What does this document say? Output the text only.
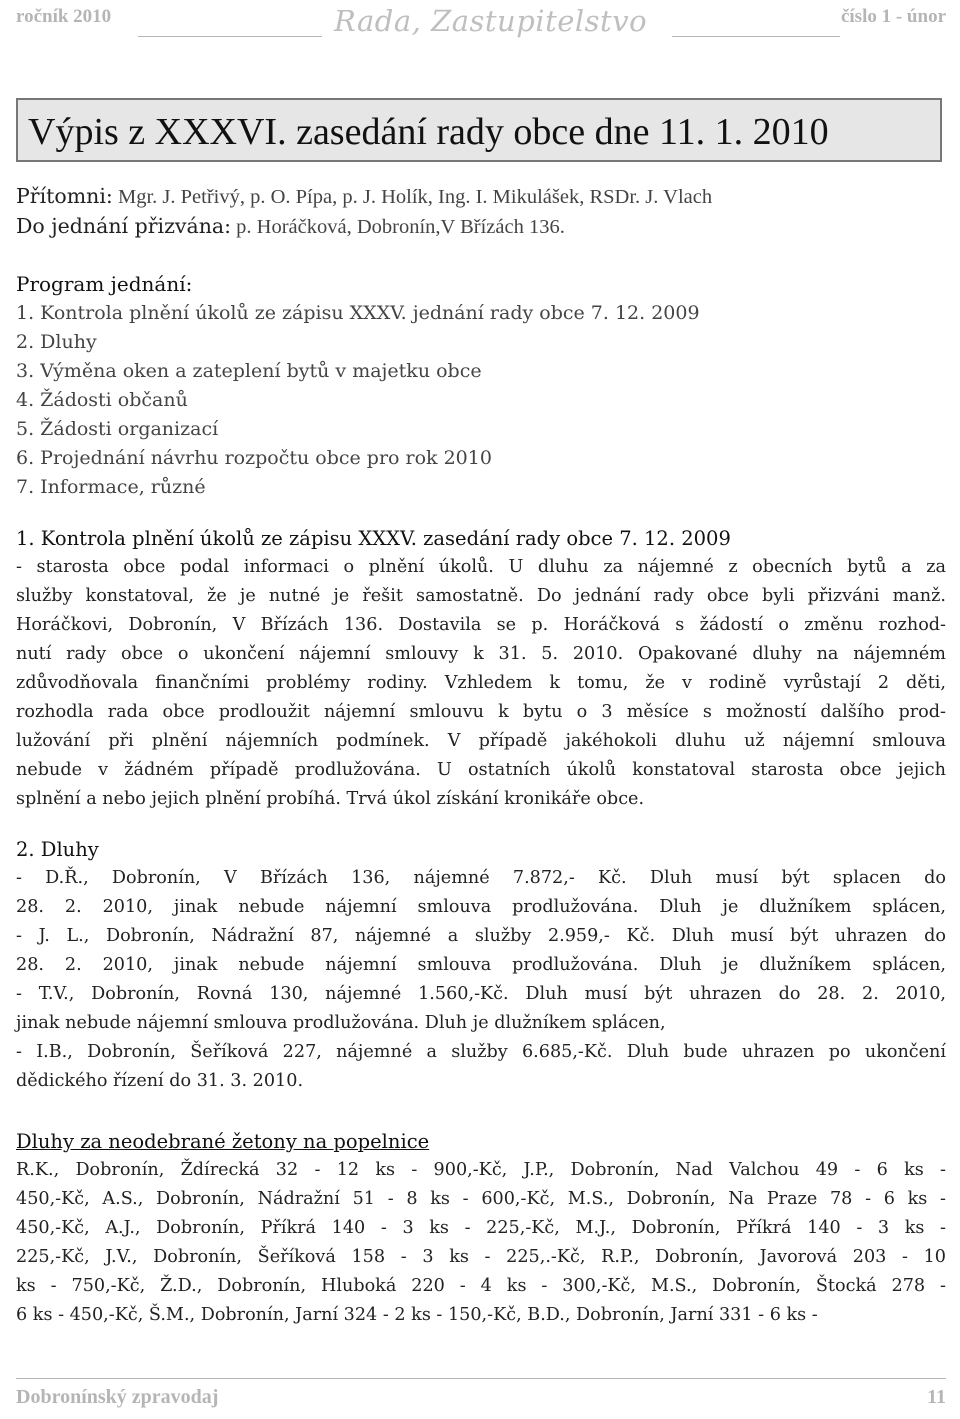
ročník 2010	Rada, Zastupitelstvo	číslo 1 - únor
Výpis z XXXVI. zasedání rady obce dne 11. 1. 2010
Přítomni: Mgr. J. Petřivý, p. O. Pípa, p. J. Holík, Ing. I. Mikulášek, RSDr. J. Vlach
Do jednání přizvána: p. Horáčková, Dobronín,V Břízách 136.
Program jednání:
1. Kontrola plnění úkolů ze zápisu XXXV. jednání rady obce 7. 12. 2009
2. Dluhy
3. Výměna oken a zateplení bytů v majetku obce
4. Žádosti občanů
5. Žádosti organizací
6. Projednání návrhu rozpočtu obce pro rok 2010
7. Informace, různé
1. Kontrola plnění úkolů ze zápisu XXXV. zasedání rady obce 7. 12. 2009

- starosta obce podal informaci o plnění úkolů. U dluhu za nájemné z obecních bytů a za

služby konstatoval, že je nutné je řešit samostatně. Do jednání rady obce byli přizváni manž.

Horáčkovi, Dobronín, V Břízách 136. Dostavila se p. Horáčková s žádostí o změnu rozhod-

nutí rady obce o ukončení nájemní smlouvy k 31. 5. 2010. Opakované dluhy na nájemném

zdůvodňovala finančními problémy rodiny. Vzhledem k tomu, že v rodině vyrůstají 2 děti,

rozhodla rada obce prodloužit nájemní smlouvu k bytu o 3 měsíce s možností dalšího prod-

lužování při plnění nájemních podmínek. V případě jakéhokoli dluhu už nájemní smlouva

nebude v žádném případě prodlužována. U ostatních úkolů konstatoval starosta obce jejich

splnění a nebo jejich plnění probíhá. Trvá úkol získání kronikáře obce.

2. Dluhy

- D.Ř., Dobronín, V Břízách 136, nájemné 7.872,- Kč. Dluh musí být splacen do

28. 2. 2010, jinak nebude nájemní smlouva prodlužována. Dluh je dlužníkem splácen,

- J. L., Dobronín, Nádražní 87, nájemné a služby 2.959,- Kč. Dluh musí být uhrazen do

28. 2. 2010, jinak nebude nájemní smlouva prodlužována. Dluh je dlužníkem splácen,

- T.V., Dobronín, Rovná 130, nájemné 1.560,-Kč. Dluh musí být uhrazen do 28. 2. 2010,

jinak nebude nájemní smlouva prodlužována. Dluh je dlužníkem splácen,

- I.B., Dobronín, Šeříková 227, nájemné a služby 6.685,-Kč. Dluh bude uhrazen po ukončení

dědického řízení do 31. 3. 2010.

Dluhy za neodebrané žetony na popelnice

R.K., Dobronín, Ždírecká 32 - 12 ks - 900,-Kč, J.P., Dobronín, Nad Valchou 49 - 6 ks -

450,-Kč, A.S., Dobronín, Nádražní 51 - 8 ks - 600,-Kč, M.S., Dobronín, Na Praze 78 - 6 ks -

450,-Kč, A.J., Dobronín, Příkrá 140 - 3 ks - 225,-Kč, M.J., Dobronín, Příkrá 140 - 3 ks -

225,-Kč, J.V., Dobronín, Šeříková 158 - 3 ks - 225,.-Kč, R.P., Dobronín, Javorová 203 - 10

ks - 750,-Kč, Ž.D., Dobronín, Hluboká 220 - 4 ks - 300,-Kč, M.S., Dobronín, Štocká 278 -

6 ks - 450,-Kč, Š.M., Dobronín, Jarní 324 - 2 ks - 150,-Kč, B.D., Dobronín, Jarní 331 - 6 ks -

Dobronínský zpravodaj	11
